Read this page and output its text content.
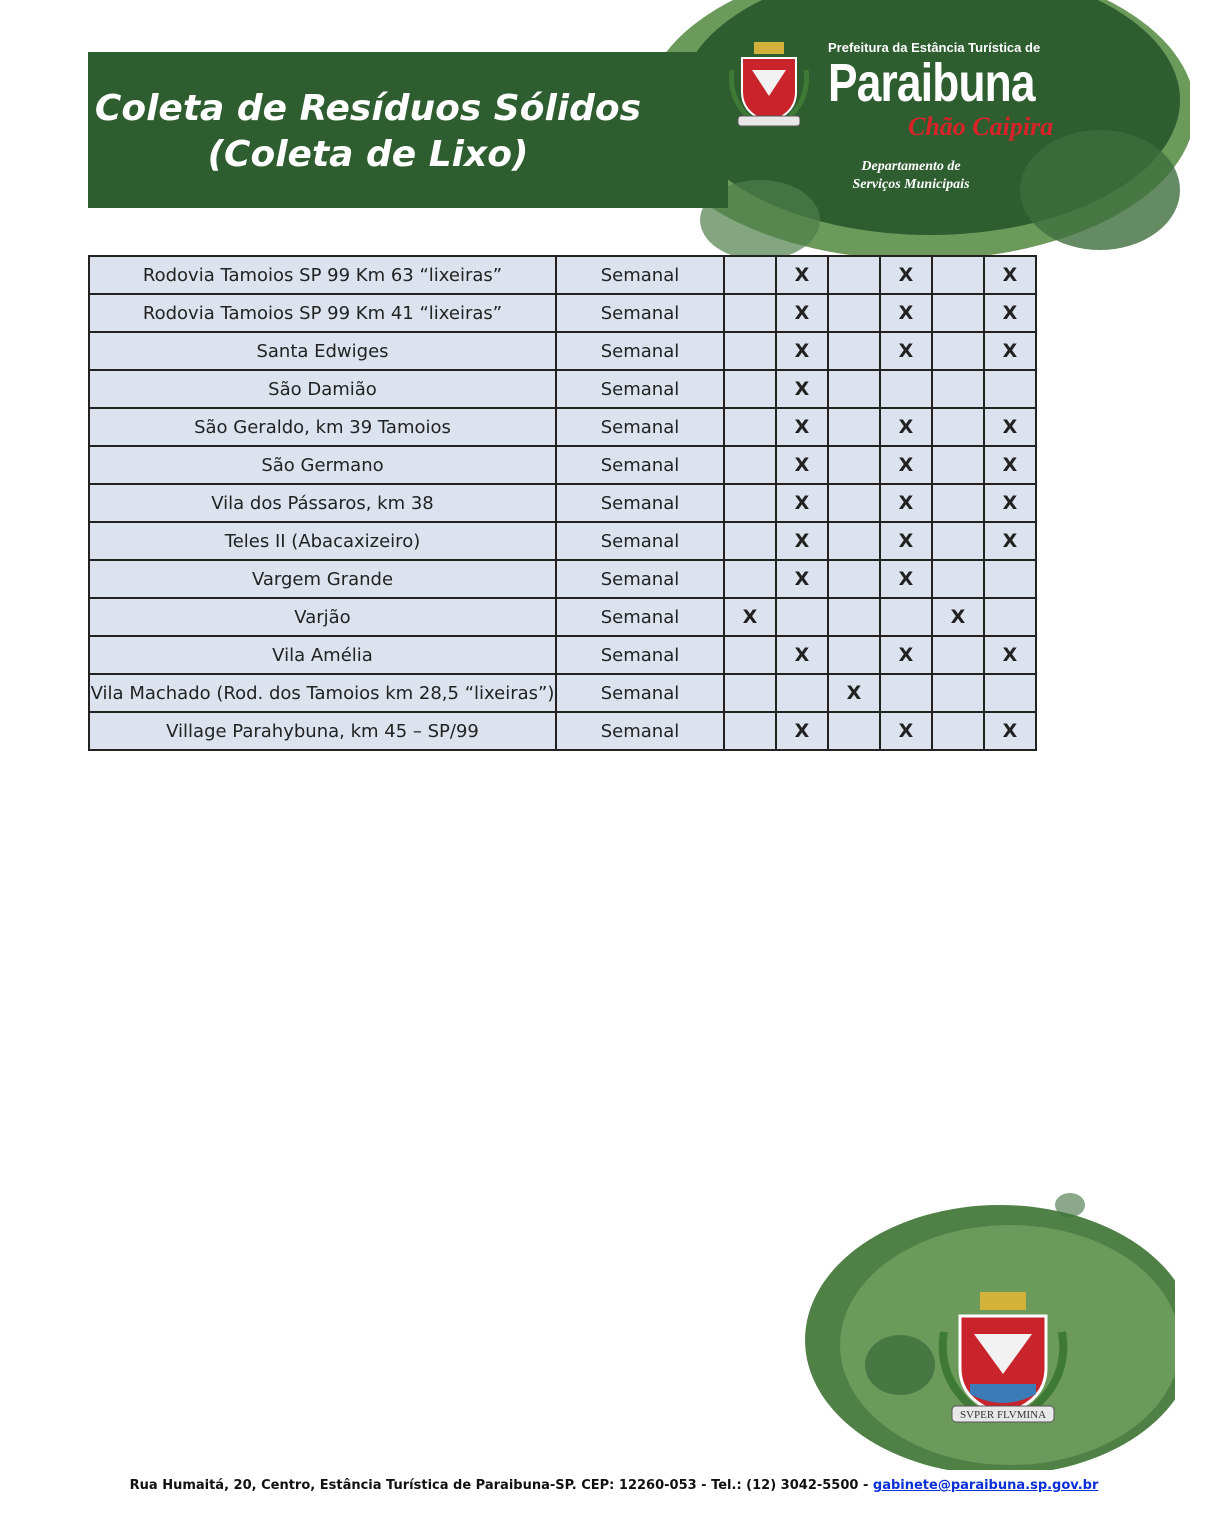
Coleta de Resíduos Sólidos
(Coleta de Lixo)
Prefeitura da Estância Turística de
Paraibuna
Chão Caipira
Departamento de
Serviços Municipais
Rodovia Tamoios SP 99 Km 63 “lixeiras”	Semanal		X		X		X
Rodovia Tamoios SP 99 Km 41 “lixeiras”	Semanal		X		X		X
Santa Edwiges	Semanal		X		X		X
São Damião	Semanal		X				
São Geraldo, km 39 Tamoios	Semanal		X		X		X
São Germano	Semanal		X		X		X
Vila dos Pássaros, km 38	Semanal		X		X		X
Teles II (Abacaxizeiro)	Semanal		X		X		X
Vargem Grande	Semanal		X		X		
Varjão	Semanal	X				X	
Vila Amélia	Semanal		X		X		X
Vila Machado (Rod. dos Tamoios km 28,5 “lixeiras”)	Semanal			X			
Village Parahybuna, km 45 – SP/99	Semanal		X		X		X
SVPER FLVMINA
Rua Humaitá, 20, Centro, Estância Turística de Paraibuna-SP. CEP: 12260-053 - Tel.: (12) 3042-5500 - gabinete@paraibuna.sp.gov.br
